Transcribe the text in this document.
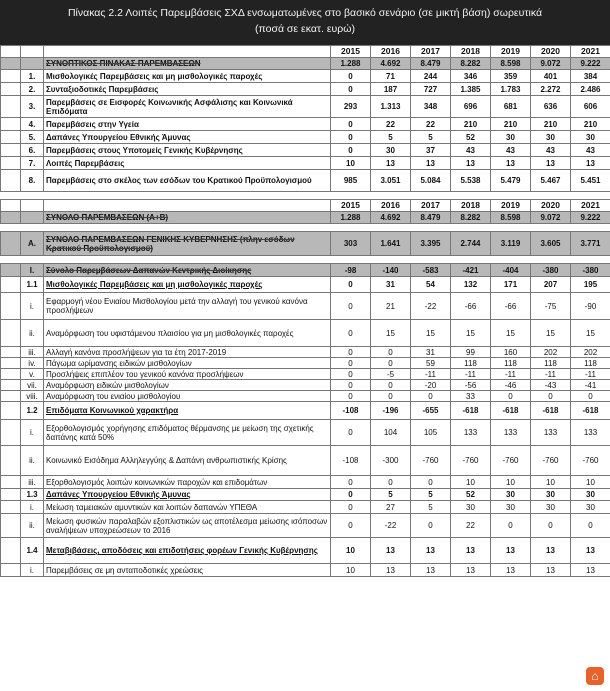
Πίνακας 2.2 Λοιπές Παρεμβάσεις ΣΧΔ ενσωματωμένες στο βασικό σενάριο (σε μικτή βάση) σωρευτικά
(ποσά σε εκατ. ευρώ)
			2015	2016	2017	2018	2019	2020	2021
		ΣΥΝΟΠΤΙΚΟΣ ΠΙΝΑΚΑΣ ΠΑΡΕΜΒΑΣΕΩΝ	1.288	4.692	8.479	8.282	8.598	9.072	9.222
	1.	Μισθολογικές Παρεμβάσεις και μη μισθολογικές παροχές	0	71	244	346	359	401	384
	2.	Συνταξιοδοτικές Παρεμβάσεις	0	187	727	1.385	1.783	2.272	2.486
	3.	Παρεμβάσεις σε Εισφορές Κοινωνικής Ασφάλισης και Κοινωνικά Επιδόματα	293	1.313	348	696	681	636	606
	4.	Παρεμβάσεις στην Υγεία	0	22	22	210	210	210	210
	5.	Δαπάνες Υπουργείου Εθνικής Άμυνας	0	5	5	52	30	30	30
	6.	Παρεμβάσεις στους Υποτομείς Γενικής Κυβέρνησης	0	30	37	43	43	43	43
	7.	Λοιπές Παρεμβάσεις	10	13	13	13	13	13	13
	8.	Παρεμβάσεις στο σκέλος των εσόδων του Κρατικού Προϋπολογισμού	985	3.051	5.084	5.538	5.479	5.467	5.451

			2015	2016	2017	2018	2019	2020	2021
		ΣΥΝΟΛΟ ΠΑΡΕΜΒΑΣΕΩΝ (Α+Β)	1.288	4.692	8.479	8.282	8.598	9.072	9.222

	A.	ΣΥΝΟΛΟ ΠΑΡΕΜΒΑΣΕΩΝ ΓΕΝΙΚΗΣ ΚΥΒΕΡΝΗΣΗΣ (πλην εσόδων Κρατικού Προϋπολογισμού)	303	1.641	3.395	2.744	3.119	3.605	3.771

	I.	Σύνολο Παρεμβάσεων Δαπανών Κεντρικής Διοίκησης	-98	-140	-583	-421	-404	-380	-380
	1.1	Μισθολογικές Παρεμβάσεις και μη μισθολογικές παροχές	0	31	54	132	171	207	195
	i.	Εφαρμογή νέου Ενιαίου Μισθολογίου μετά την αλλαγή του γενικού κανόνα προσλήψεων	0	21	-22	-66	-66	-75	-90
	ii.	Αναμόρφωση του υφιστάμενου πλαισίου για μη μισθολογικές παροχές	0	15	15	15	15	15	15
	iii.	Αλλαγή κανόνα προσλήψεων για τα έτη 2017-2019	0	0	31	99	160	202	202
	iv.	Πάγωμα ωρίμανσης ειδικών μισθολογίων	0	0	59	118	118	118	118
	v.	Προσλήψεις επιπλέον του γενικού κανόνα προσλήψεων	0	-5	-11	-11	-11	-11	-11
	vii.	Αναμόρφωση ειδικών μισθολογίων	0	0	-20	-56	-46	-43	-41
	viii.	Αναμόρφωση του ενιαίου μισθολογίου	0	0	0	33	0	0	0
	1.2	Επιδόματα Κοινωνικού χαρακτήρα	-108	-196	-655	-618	-618	-618	-618
	i.	Εξορθολογισμός χορήγησης επιδόματος θέρμανσης με μείωση της σχετικής δαπάνης κατά 50%	0	104	105	133	133	133	133
	ii.	Κοινωνικό Εισόδημα Αλληλεγγύης & Δαπάνη ανθρωπιστικής Κρίσης	-108	-300	-760	-760	-760	-760	-760
	iii.	Εξορθολογισμός λοιπών κοινωνικών παροχών και επιδομάτων	0	0	0	10	10	10	10
	1.3	Δαπάνες Υπουργείου Εθνικής Άμυνας	0	5	5	52	30	30	30
	i.	Μείωση ταμειακών αμυντικών και λοιπών δαπανών ΥΠΕΘΑ	0	27	5	30	30	30	30
	ii.	Μείωση φυσικών παραλαβών εξοπλιστικών ως αποτέλεσμα μείωσης ισόποσων αναλήψεων υποχρεώσεων το 2016	0	-22	0	22	0	0	0
	1.4	Μεταβιβάσεις, αποδόσεις και επιδοτήσεις φορέων Γενικής Κυβέρνησης	10	13	13	13	13	13	13
	i.	Παρεμβάσεις σε μη ανταποδοτικές χρεώσεις	10	13	13	13	13	13	13
⌂
